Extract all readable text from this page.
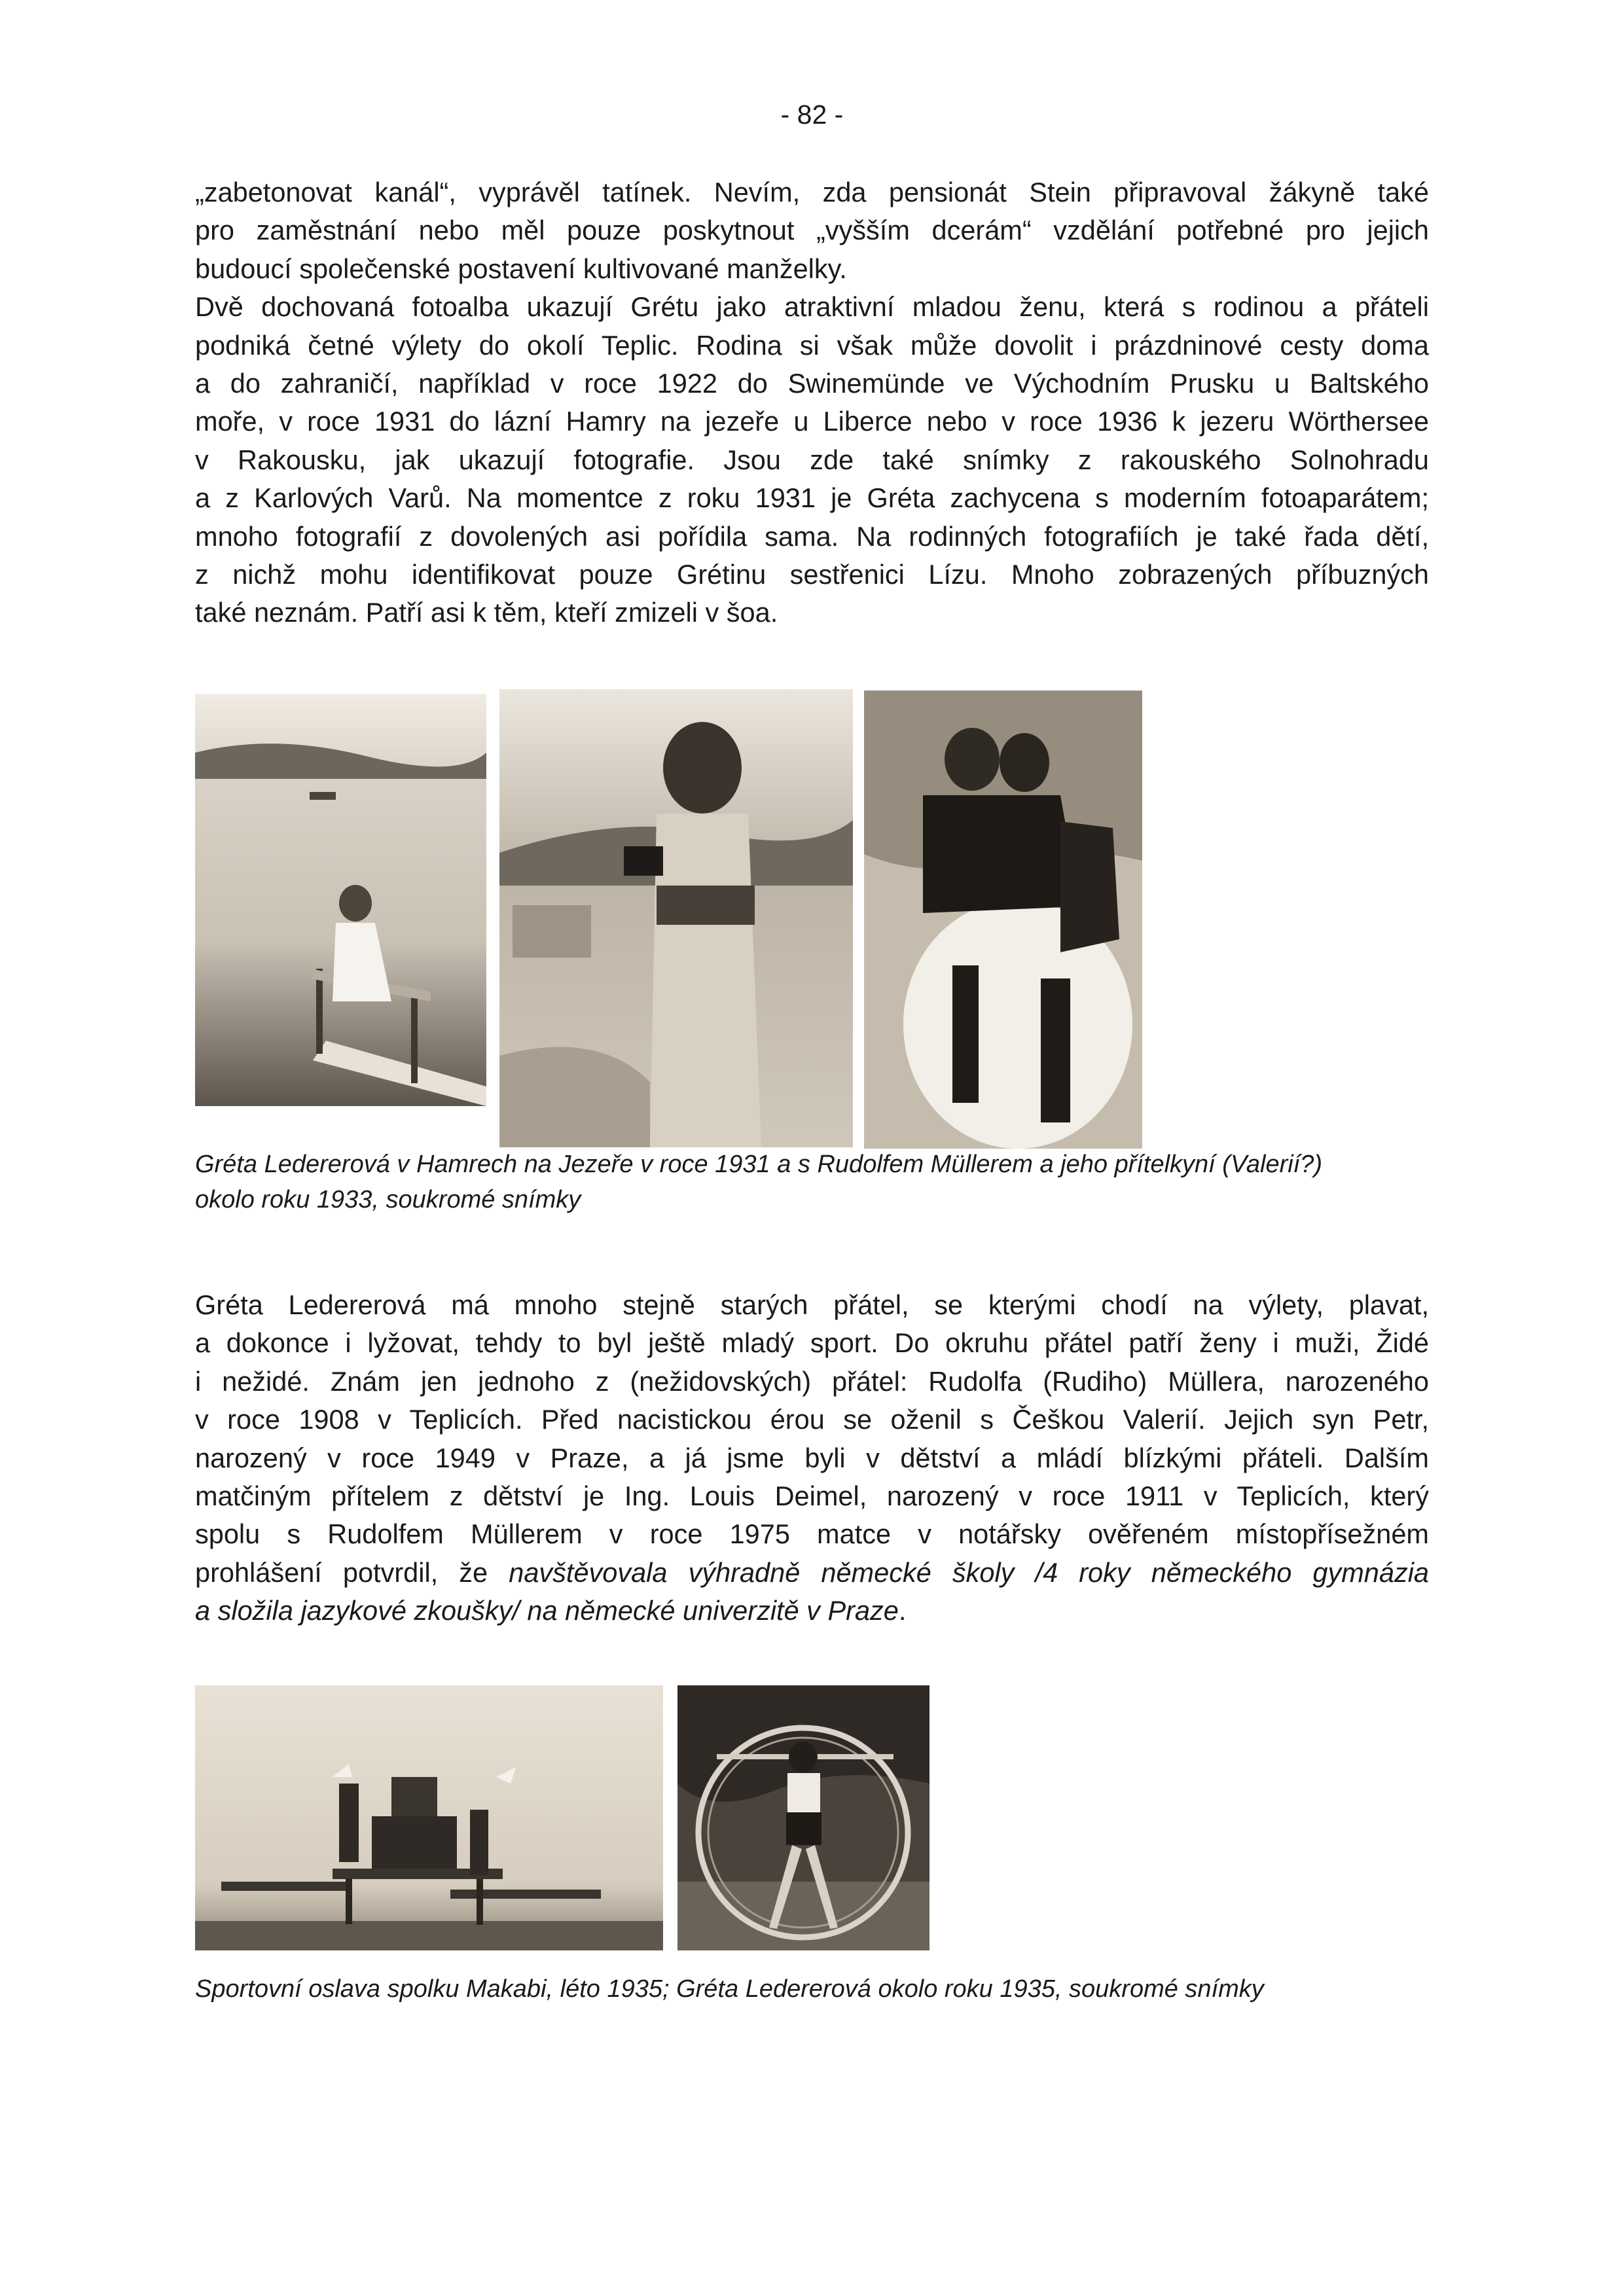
- 82 -

„zabetonovat kanál“, vyprávěl tatínek. Nevím, zda pensionát Stein připravoval žákyně také
pro zaměstnání nebo měl pouze poskytnout „vyšším dcerám“ vzdělání potřebné pro jejich
budoucí společenské postavení kultivované manželky.
Dvě dochovaná fotoalba ukazují Grétu jako atraktivní mladou ženu, která s rodinou a přáteli
podniká četné výlety do okolí Teplic. Rodina si však může dovolit i prázdninové cesty doma
a do zahraničí, například v roce 1922 do Swinemünde ve Východním Prusku u Baltského
moře, v roce 1931 do lázní Hamry na jezeře u Liberce nebo v roce 1936 k jezeru Wörthersee
v Rakousku, jak ukazují fotografie. Jsou zde také snímky z rakouského Solnohradu
a z Karlových Varů. Na momentce z roku 1931 je Gréta zachycena s moderním fotoaparátem;
mnoho fotografií z dovolených asi pořídila sama. Na rodinných fotografiích je také řada dětí,
z nichž mohu identifikovat pouze Grétinu sestřenici Lízu. Mnoho zobrazených příbuzných
také neznám. Patří asi k těm, kteří zmizeli v šoa.

Gréta Ledererová v Hamrech na Jezeře v roce 1931 a s Rudolfem Müllerem a jeho přítelkyní (Valerií?)
okolo roku 1933, soukromé snímky

Gréta Ledererová má mnoho stejně starých přátel, se kterými chodí na výlety, plavat,
a dokonce i lyžovat, tehdy to byl ještě mladý sport. Do okruhu přátel patří ženy i muži, Židé
i nežidé. Znám jen jednoho z (nežidovských) přátel: Rudolfa (Rudiho) Müllera, narozeného
v roce 1908 v Teplicích. Před nacistickou érou se oženil s Češkou Valerií. Jejich syn Petr,
narozený v roce 1949 v Praze, a já jsme byli v dětství a mládí blízkými přáteli. Dalším
matčiným přítelem z dětství je Ing. Louis Deimel, narozený v roce 1911 v Teplicích, který
spolu s Rudolfem Müllerem v roce 1975 matce v notářsky ověřeném místopřísežném
prohlášení potvrdil, že navštěvovala výhradně německé školy /4 roky německého gymnázia
a složila jazykové zkoušky/ na německé univerzitě v Praze.

Sportovní oslava spolku Makabi, léto 1935; Gréta Ledererová okolo roku 1935, soukromé snímky
